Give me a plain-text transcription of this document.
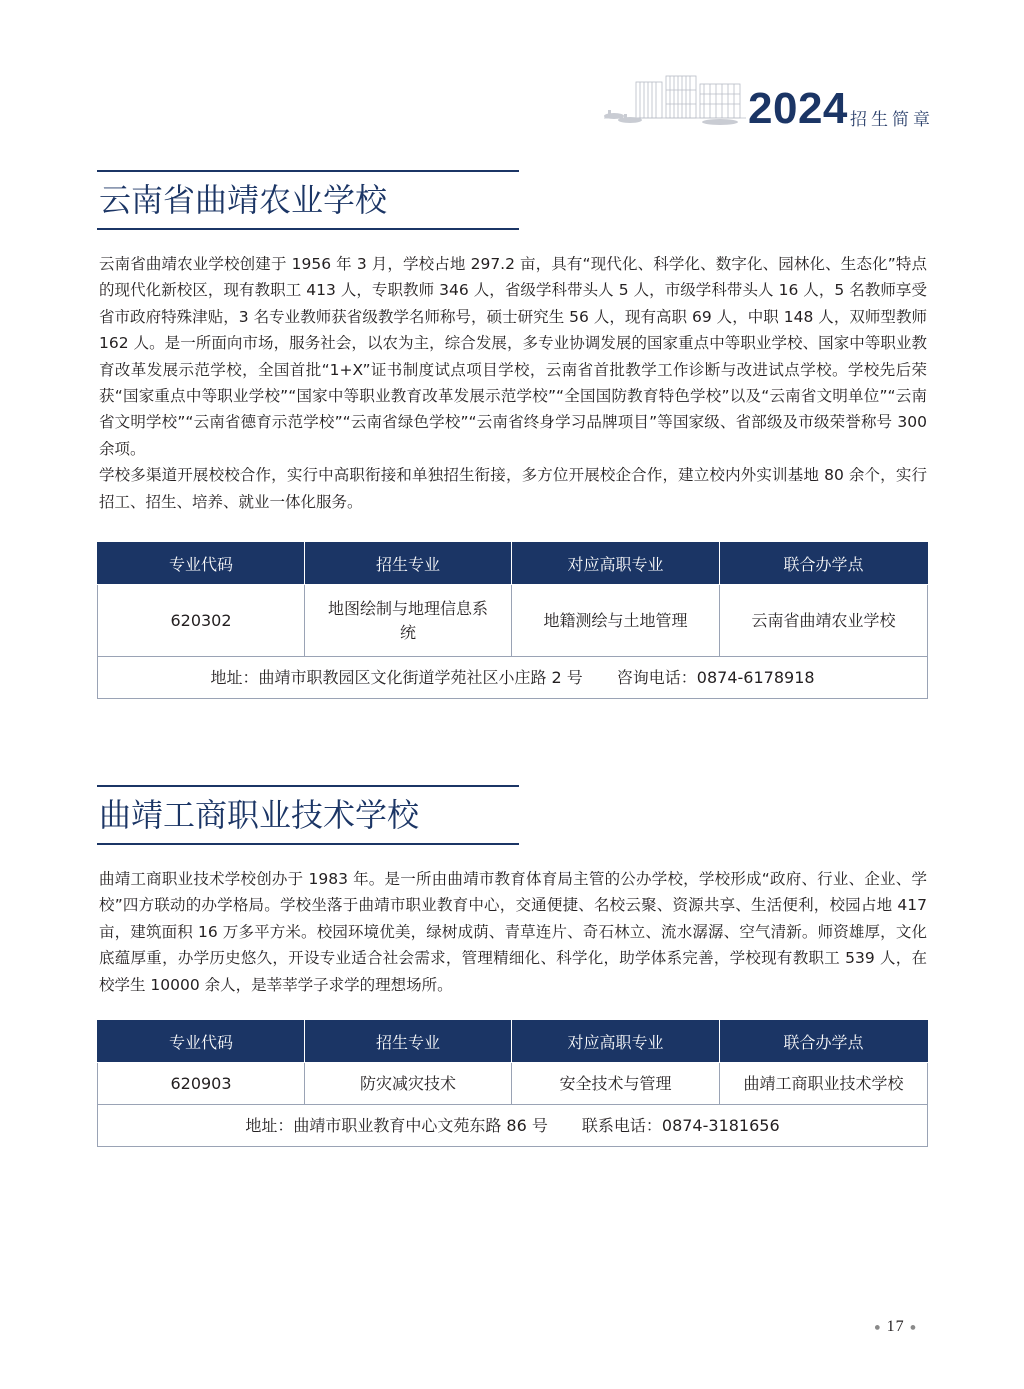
2024 招生简章
云南省曲靖农业学校

云南省曲靖农业学校创建于 1956 年 3 月，学校占地 297.2 亩，具有“现代化、科学化、数字化、园林化、生态化”特点的现代化新校区，现有教职工 413 人，专职教师 346 人，省级学科带头人 5 人，市级学科带头人 16 人，5 名教师享受省市政府特殊津贴，3 名专业教师获省级教学名师称号，硕士研究生 56 人，现有高职 69 人，中职 148 人，双师型教师 162 人。是一所面向市场，服务社会，以农为主，综合发展，多专业协调发展的国家重点中等职业学校、国家中等职业教育改革发展示范学校，全国首批“1+X”证书制度试点项目学校，云南省首批教学工作诊断与改进试点学校。学校先后荣获“国家重点中等职业学校”“国家中等职业教育改革发展示范学校”“全国国防教育特色学校”以及“云南省文明单位”“云南省文明学校”“云南省德育示范学校”“云南省绿色学校”“云南省终身学习品牌项目”等国家级、省部级及市级荣誉称号 300 余项。

学校多渠道开展校校合作，实行中高职衔接和单独招生衔接，多方位开展校企合作，建立校内外实训基地 80 余个，实行招工、招生、培养、就业一体化服务。

专业代码	招生专业	对应高职专业	联合办学点
620302	地图绘制与地理信息系统	地籍测绘与土地管理	云南省曲靖农业学校
地址：曲靖市职教园区文化街道学苑社区小庄路 2 号 咨询电话：0874-6178918			
曲靖工商职业技术学校

曲靖工商职业技术学校创办于 1983 年。是一所由曲靖市教育体育局主管的公办学校，学校形成“政府、行业、企业、学校”四方联动的办学格局。学校坐落于曲靖市职业教育中心，交通便捷、名校云聚、资源共享、生活便利，校园占地 417 亩，建筑面积 16 万多平方米。校园环境优美，绿树成荫、青草连片、奇石林立、流水潺潺、空气清新。师资雄厚，文化底蕴厚重，办学历史悠久，开设专业适合社会需求，管理精细化、科学化，助学体系完善，学校现有教职工 539 人，在校学生 10000 余人，是莘莘学子求学的理想场所。

专业代码	招生专业	对应高职专业	联合办学点
620903	防灾减灾技术	安全技术与管理	曲靖工商职业技术学校
地址：曲靖市职业教育中心文苑东路 86 号 联系电话：0874-3181656			
● 17 ●
